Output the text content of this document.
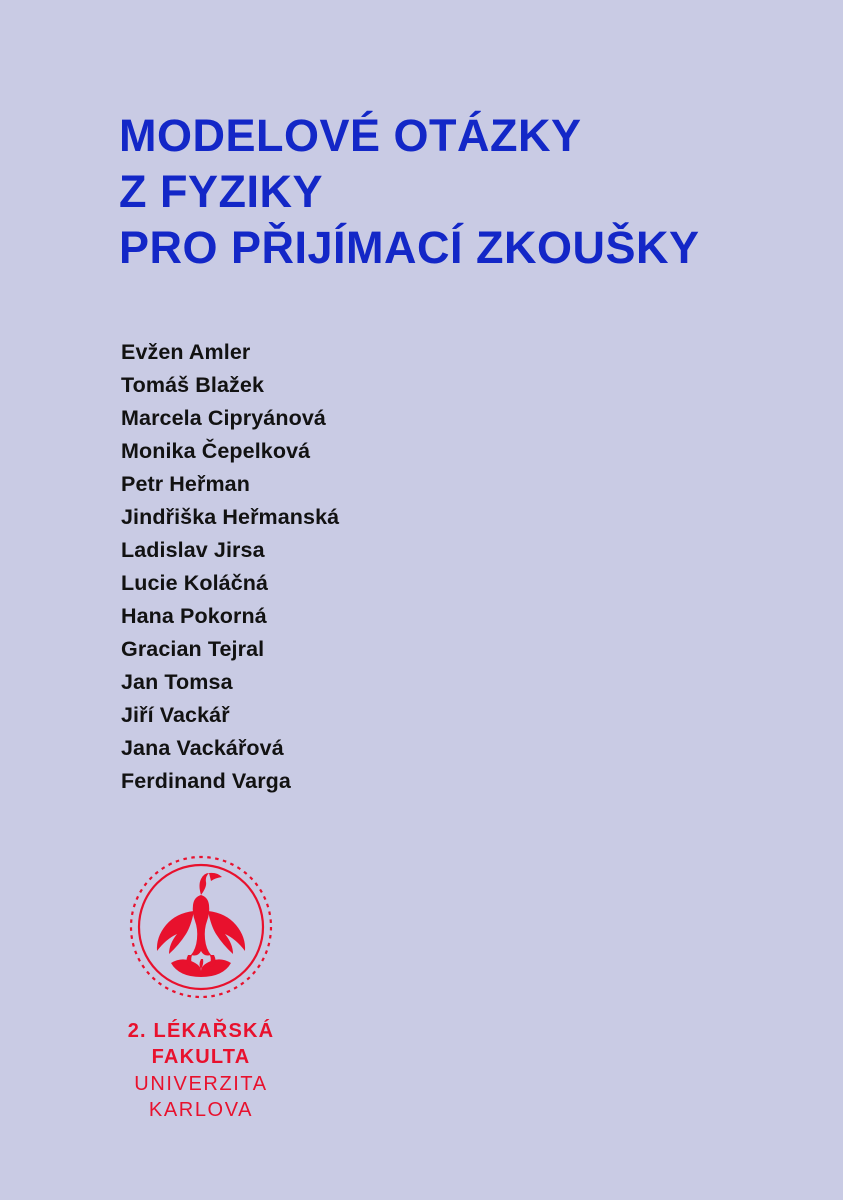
MODELOVÉ OTÁZKY
Z FYZIKY
PRO PŘIJÍMACÍ ZKOUŠKY
Evžen Amler
Tomáš Blažek
Marcela Cipryánová
Monika Čepelková
Petr Heřman
Jindřiška Heřmanská
Ladislav Jirsa
Lucie Koláčná
Hana Pokorná
Gracian Tejral
Jan Tomsa
Jiří Vackář
Jana Vackářová
Ferdinand Varga
2. LÉKAŘSKÁ
FAKULTA
UNIVERZITA
KARLOVA
